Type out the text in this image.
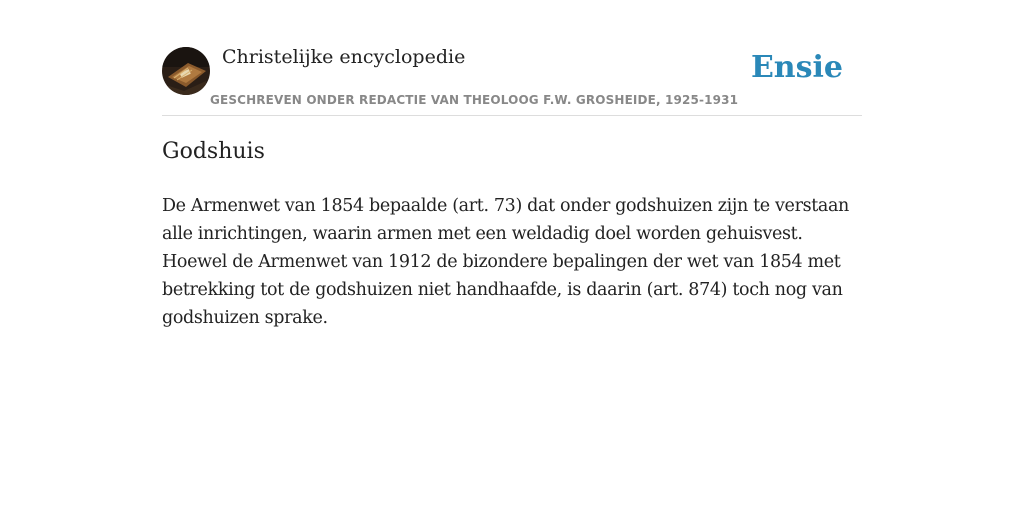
Christelijke encyclopedie
GESCHREVEN ONDER REDACTIE VAN THEOLOOG F.W. GROSHEIDE, 1925-1931
Ensie
Godshuis

De Armenwet van 1854 bepaalde (art. 73) dat onder godshuizen zijn te verstaan alle inrichtingen, waarin armen met een weldadig doel worden gehuisvest. Hoewel de Armenwet van 1912 de bizondere bepalingen der wet van 1854 met betrekking tot de godshuizen niet handhaafde, is daarin (art. 874) toch nog van godshuizen sprake.
